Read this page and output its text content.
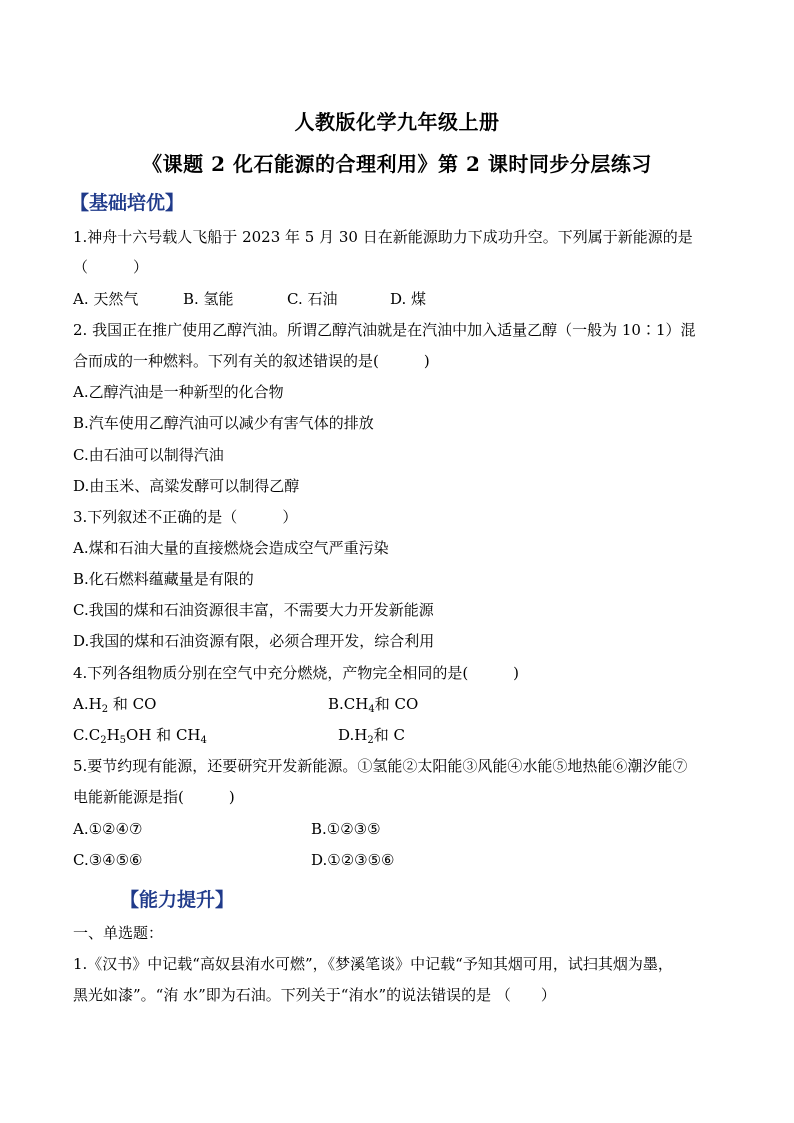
人教版化学九年级上册
《课题 2 化石能源的合理利用》第 2 课时同步分层练习
【基础培优】
1.神舟十六号载人飞船于 2023 年 5 月 30 日在新能源助力下成功升空。下列属于新能源的是
（　　　）
A. 天然气	B. 氢能	C. 石油	D. 煤
2. 我国正在推广使用乙醇汽油。所谓乙醇汽油就是在汽油中加入适量乙醇（一般为 10∶1）混
合而成的一种燃料。下列有关的叙述错误的是(　　　)
A.乙醇汽油是一种新型的化合物
B.汽车使用乙醇汽油可以减少有害气体的排放
C.由石油可以制得汽油
D.由玉米、高粱发酵可以制得乙醇
3.下列叙述不正确的是（　　　）
A.煤和石油大量的直接燃烧会造成空气严重污染
B.化石燃料蕴藏量是有限的
C.我国的煤和石油资源很丰富，不需要大力开发新能源
D.我国的煤和石油资源有限，必须合理开发，综合利用
4.下列各组物质分别在空气中充分燃烧，产物完全相同的是(　　　)
$A.H_2$ 和 CO	$B.CH_4$和 CO
$C.C_2H_5OH$ 和 $CH_4$	$D.H_2$和 C
5.要节约现有能源，还要研究开发新能源。①氢能②太阳能③风能④水能⑤地热能⑥潮汐能⑦
电能新能源是指(　　　)
A.①②④⑦	B.①②③⑤
C.③④⑤⑥	D.①②③⑤⑥
【能力提升】
一、单选题：
1.《汉书》中记载“高奴县洧水可燃”，《梦溪笔谈》中记载“予知其烟可用，试扫其烟为墨，
黑光如漆”。“洧 水”即为石油。下列关于“洧水”的说法错误的是 （　　）
